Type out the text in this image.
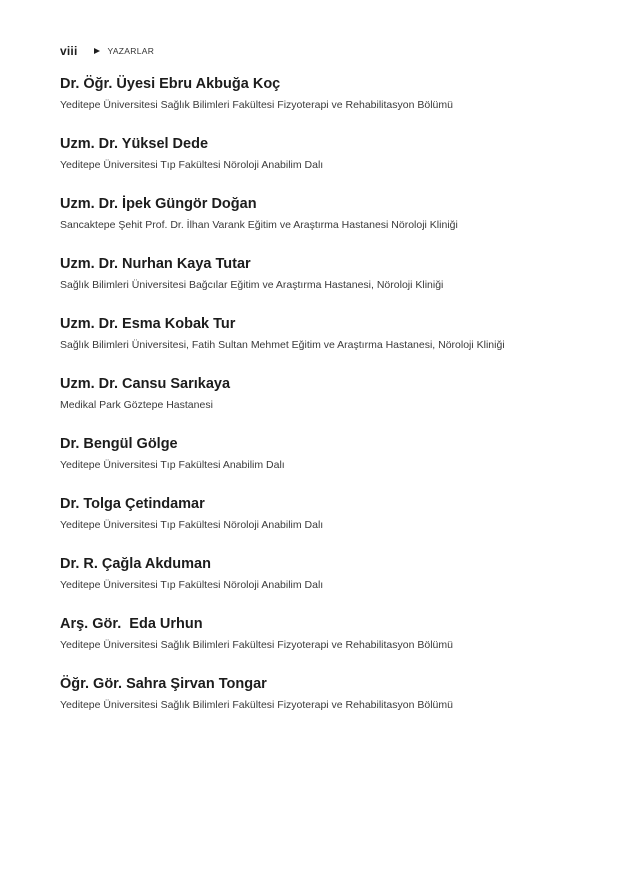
viii	YAZARLAR
Dr. Öğr. Üyesi Ebru Akbuğa Koç
Yeditepe Üniversitesi Sağlık Bilimleri Fakültesi Fizyoterapi ve Rehabilitasyon Bölümü
Uzm. Dr. Yüksel Dede
Yeditepe Üniversitesi Tıp Fakültesi Nöroloji Anabilim Dalı
Uzm. Dr. İpek Güngör Doğan
Sancaktepe Şehit Prof. Dr. İlhan Varank Eğitim ve Araştırma Hastanesi Nöroloji Kliniği
Uzm. Dr. Nurhan Kaya Tutar
Sağlık Bilimleri Üniversitesi Bağcılar Eğitim ve Araştırma Hastanesi, Nöroloji Kliniği
Uzm. Dr. Esma Kobak Tur
Sağlık Bilimleri Üniversitesi, Fatih Sultan Mehmet Eğitim ve Araştırma Hastanesi, Nöroloji Kliniği
Uzm. Dr. Cansu Sarıkaya
Medikal Park Göztepe Hastanesi
Dr. Bengül Gölge
Yeditepe Üniversitesi Tıp Fakültesi Anabilim Dalı
Dr. Tolga Çetindamar
Yeditepe Üniversitesi Tıp Fakültesi Nöroloji Anabilim Dalı
Dr. R. Çağla Akduman
Yeditepe Üniversitesi Tıp Fakültesi Nöroloji Anabilim Dalı
Arş. Gör.  Eda Urhun
Yeditepe Üniversitesi Sağlık Bilimleri Fakültesi Fizyoterapi ve Rehabilitasyon Bölümü
Öğr. Gör. Sahra Şirvan Tongar
Yeditepe Üniversitesi Sağlık Bilimleri Fakültesi Fizyoterapi ve Rehabilitasyon Bölümü
